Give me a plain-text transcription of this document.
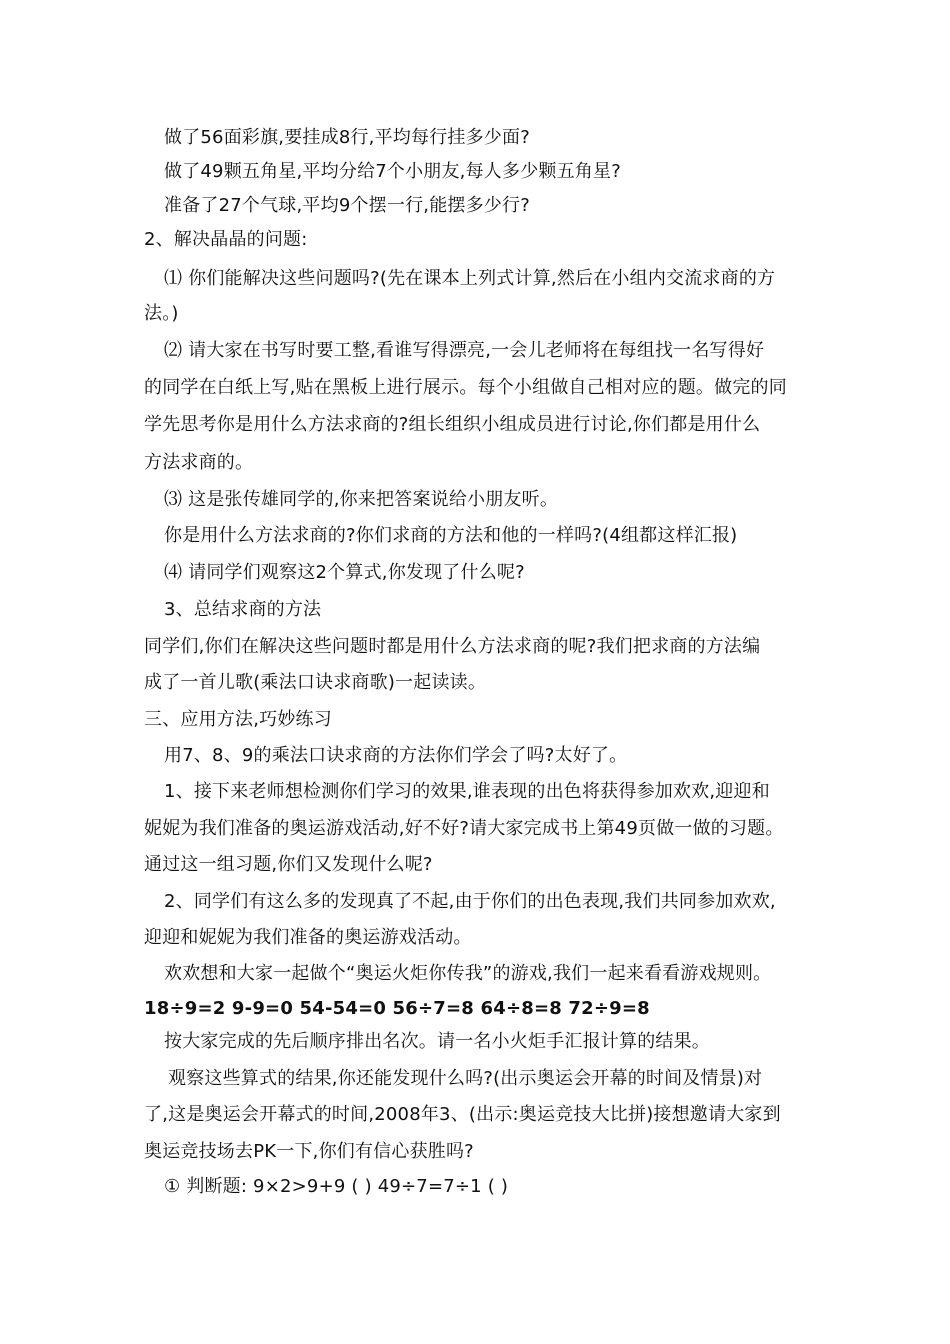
做了56面彩旗,要挂成8行,平均每行挂多少面?
做了49颗五角星,平均分给7个小朋友,每人多少颗五角星?
准备了27个气球,平均9个摆一行,能摆多少行?
2、解决晶晶的问题:
⑴ 你们能解决这些问题吗?(先在课本上列式计算,然后在小组内交流求商的方
法。)
⑵ 请大家在书写时要工整,看谁写得漂亮,一会儿老师将在每组找一名写得好
的同学在白纸上写,贴在黑板上进行展示。每个小组做自己相对应的题。做完的同
学先思考你是用什么方法求商的?组长组织小组成员进行讨论,你们都是用什么
方法求商的。
⑶ 这是张传雄同学的,你来把答案说给小朋友听。
你是用什么方法求商的?你们求商的方法和他的一样吗?(4组都这样汇报)
⑷ 请同学们观察这2个算式,你发现了什么呢?
3、总结求商的方法
同学们,你们在解决这些问题时都是用什么方法求商的呢?我们把求商的方法编
成了一首儿歌(乘法口诀求商歌)一起读读。
三、应用方法,巧妙练习
用7、8、9的乘法口诀求商的方法你们学会了吗?太好了。
1、接下来老师想检测你们学习的效果,谁表现的出色将获得参加欢欢,迎迎和
妮妮为我们准备的奥运游戏活动,好不好?请大家完成书上第49页做一做的习题。
通过这一组习题,你们又发现什么呢?
2、同学们有这么多的发现真了不起,由于你们的出色表现,我们共同参加欢欢,
迎迎和妮妮为我们准备的奥运游戏活动。
欢欢想和大家一起做个“奥运火炬你传我”的游戏,我们一起来看看游戏规则。
18÷9=2 9-9=0 54-54=0 56÷7=8 64÷8=8 72÷9=8
按大家完成的先后顺序排出名次。请一名小火炬手汇报计算的结果。
观察这些算式的结果,你还能发现什么吗?(出示奥运会开幕的时间及情景)对
了,这是奥运会开幕式的时间,2008年3、(出示:奥运竞技大比拼)接想邀请大家到
奥运竞技场去PK一下,你们有信心获胜吗?
① 判断题: 9×2>9+9 ( ) 49÷7=7÷1 ( )
